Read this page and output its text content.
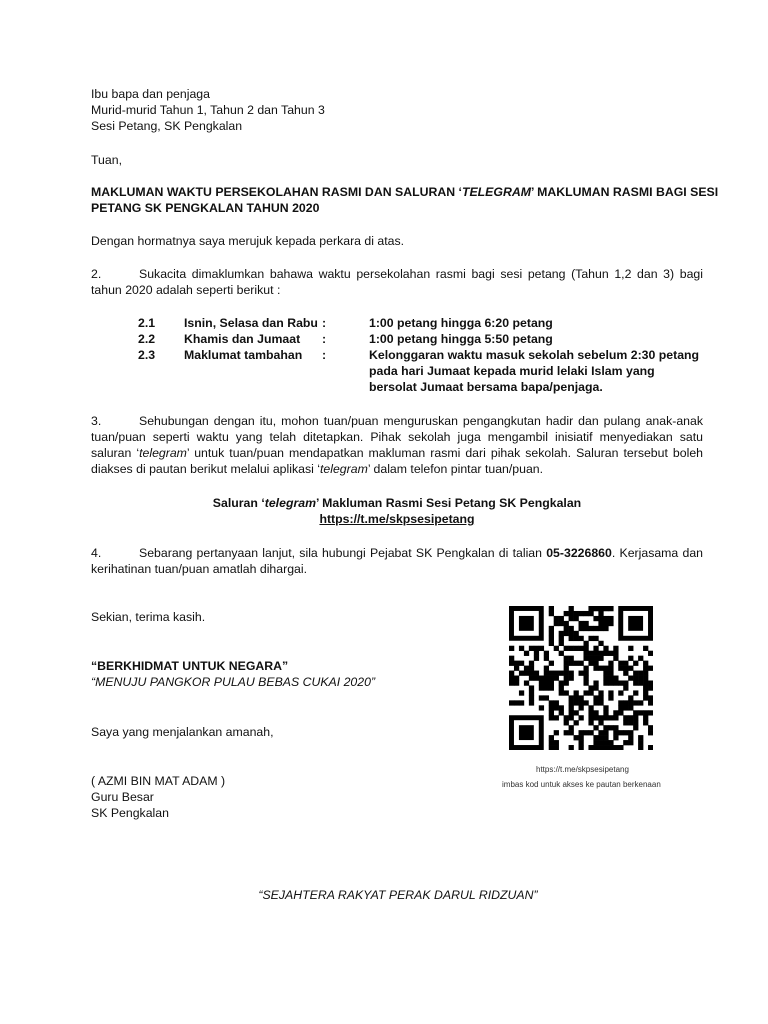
Ibu bapa dan penjaga
Murid-murid Tahun 1, Tahun 2 dan Tahun 3
Sesi Petang, SK Pengkalan
Tuan,
MAKLUMAN WAKTU PERSEKOLAHAN RASMI DAN SALURAN ‘TELEGRAM’ MAKLUMAN RASMI BAGI SESI
PETANG SK PENGKALAN TAHUN 2020
Dengan hormatnya saya merujuk kepada perkara di atas.
2.	Sukacita dimaklumkan bahawa waktu persekolahan rasmi bagi sesi petang (Tahun 1,2 dan 3) bagi tahun 2020 adalah seperti berikut :
2.1 Isnin, Selasa dan Rabu :	1:00 petang hingga 6:20 petang
2.2 Khamis dan Jumaat :	1:00 petang hingga 5:50 petang
2.3 Maklumat tambahan :	Kelonggaran waktu masuk sekolah sebelum 2:30 petang pada hari Jumaat kepada murid lelaki Islam yang bersolat Jumaat bersama bapa/penjaga.
3.	Sehubungan dengan itu, mohon tuan/puan menguruskan pengangkutan hadir dan pulang anak-anak tuan/puan seperti waktu yang telah ditetapkan. Pihak sekolah juga mengambil inisiatif menyediakan satu saluran ‘telegram’ untuk tuan/puan mendapatkan makluman rasmi dari pihak sekolah. Saluran tersebut boleh diakses di pautan berikut melalui aplikasi ‘telegram’ dalam telefon pintar tuan/puan.
Saluran ‘telegram’ Makluman Rasmi Sesi Petang SK Pengkalan
https://t.me/skpsesipetang
4.	Sebarang pertanyaan lanjut, sila hubungi Pejabat SK Pengkalan di talian 05-3226860. Kerjasama dan kerihatinan tuan/puan amatlah dihargai.
Sekian, terima kasih.
“BERKHIDMAT UNTUK NEGARA”
“MENUJU PANGKOR PULAU BEBAS CUKAI 2020”
Saya yang menjalankan amanah,
( AZMI BIN MAT ADAM )
Guru Besar
SK Pengkalan
https://t.me/skpsesipetang
imbas kod untuk akses ke pautan berkenaan
“SEJAHTERA RAKYAT PERAK DARUL RIDZUAN”
